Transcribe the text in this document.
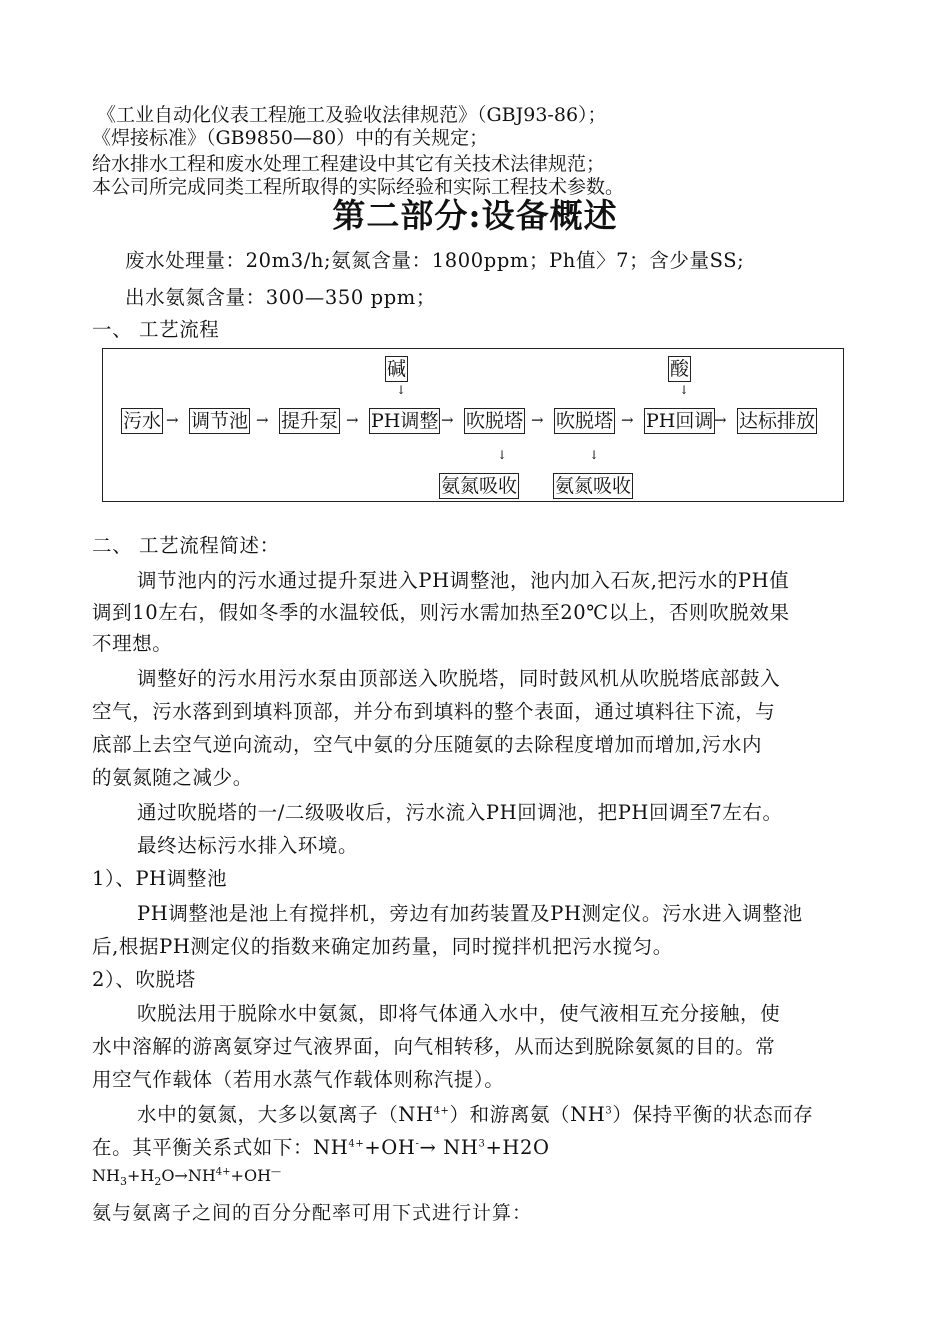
《工业自动化仪表工程施工及验收法律规范》（GBJ93-86）；
《焊接标准》（GB9850—80）中的有关规定；
给水排水工程和废水处理工程建设中其它有关技术法律规范；
本公司所完成同类工程所取得的实际经验和实际工程技术参数。
第二部分:设备概述
废水处理量：20m3/h;氨氮含量：1800ppm；Ph值〉7；含少量SS;
出水氨氮含量：300—350 ppm；
一、 工艺流程
碱
↓
酸
↓
污水 → 调节池 → 提升泵 → PH调整 → 吹脱塔 → 吹脱塔 → PH回调 → 达标排放
↓	↓
氨氮吸收 氨氮吸收
二、 工艺流程简述：
调节池内的污水通过提升泵进入PH调整池，池内加入石灰,把污水的PH值
调到10左右，假如冬季的水温较低，则污水需加热至20℃以上，否则吹脱效果
不理想。
调整好的污水用污水泵由顶部送入吹脱塔，同时鼓风机从吹脱塔底部鼓入
空气，污水落到到填料顶部，并分布到填料的整个表面，通过填料往下流，与
底部上去空气逆向流动，空气中氨的分压随氨的去除程度增加而增加,污水内
的氨氮随之减少。
通过吹脱塔的一/二级吸收后，污水流入PH回调池，把PH回调至7左右。
最终达标污水排入环境。
1）、PH调整池
PH调整池是池上有搅拌机，旁边有加药装置及PH测定仪。污水进入调整池
后,根据PH测定仪的指数来确定加药量，同时搅拌机把污水搅匀。
2）、吹脱塔
吹脱法用于脱除水中氨氮，即将气体通入水中，使气液相互充分接触，使
水中溶解的游离氨穿过气液界面，向气相转移，从而达到脱除氨氮的目的。常
用空气作载体（若用水蒸气作载体则称汽提）。
水中的氨氮，大多以氨离子$(NH^{4+})$和游离氨$(NH^3)$保持平衡的状态而存
在。其平衡关系式如下：$NH^{4+}+OH^-\to NH^3+H2O$
$NH_3+H_2O\to NH^{4+}+OH^—$
氨与氨离子之间的百分分配率可用下式进行计算：
